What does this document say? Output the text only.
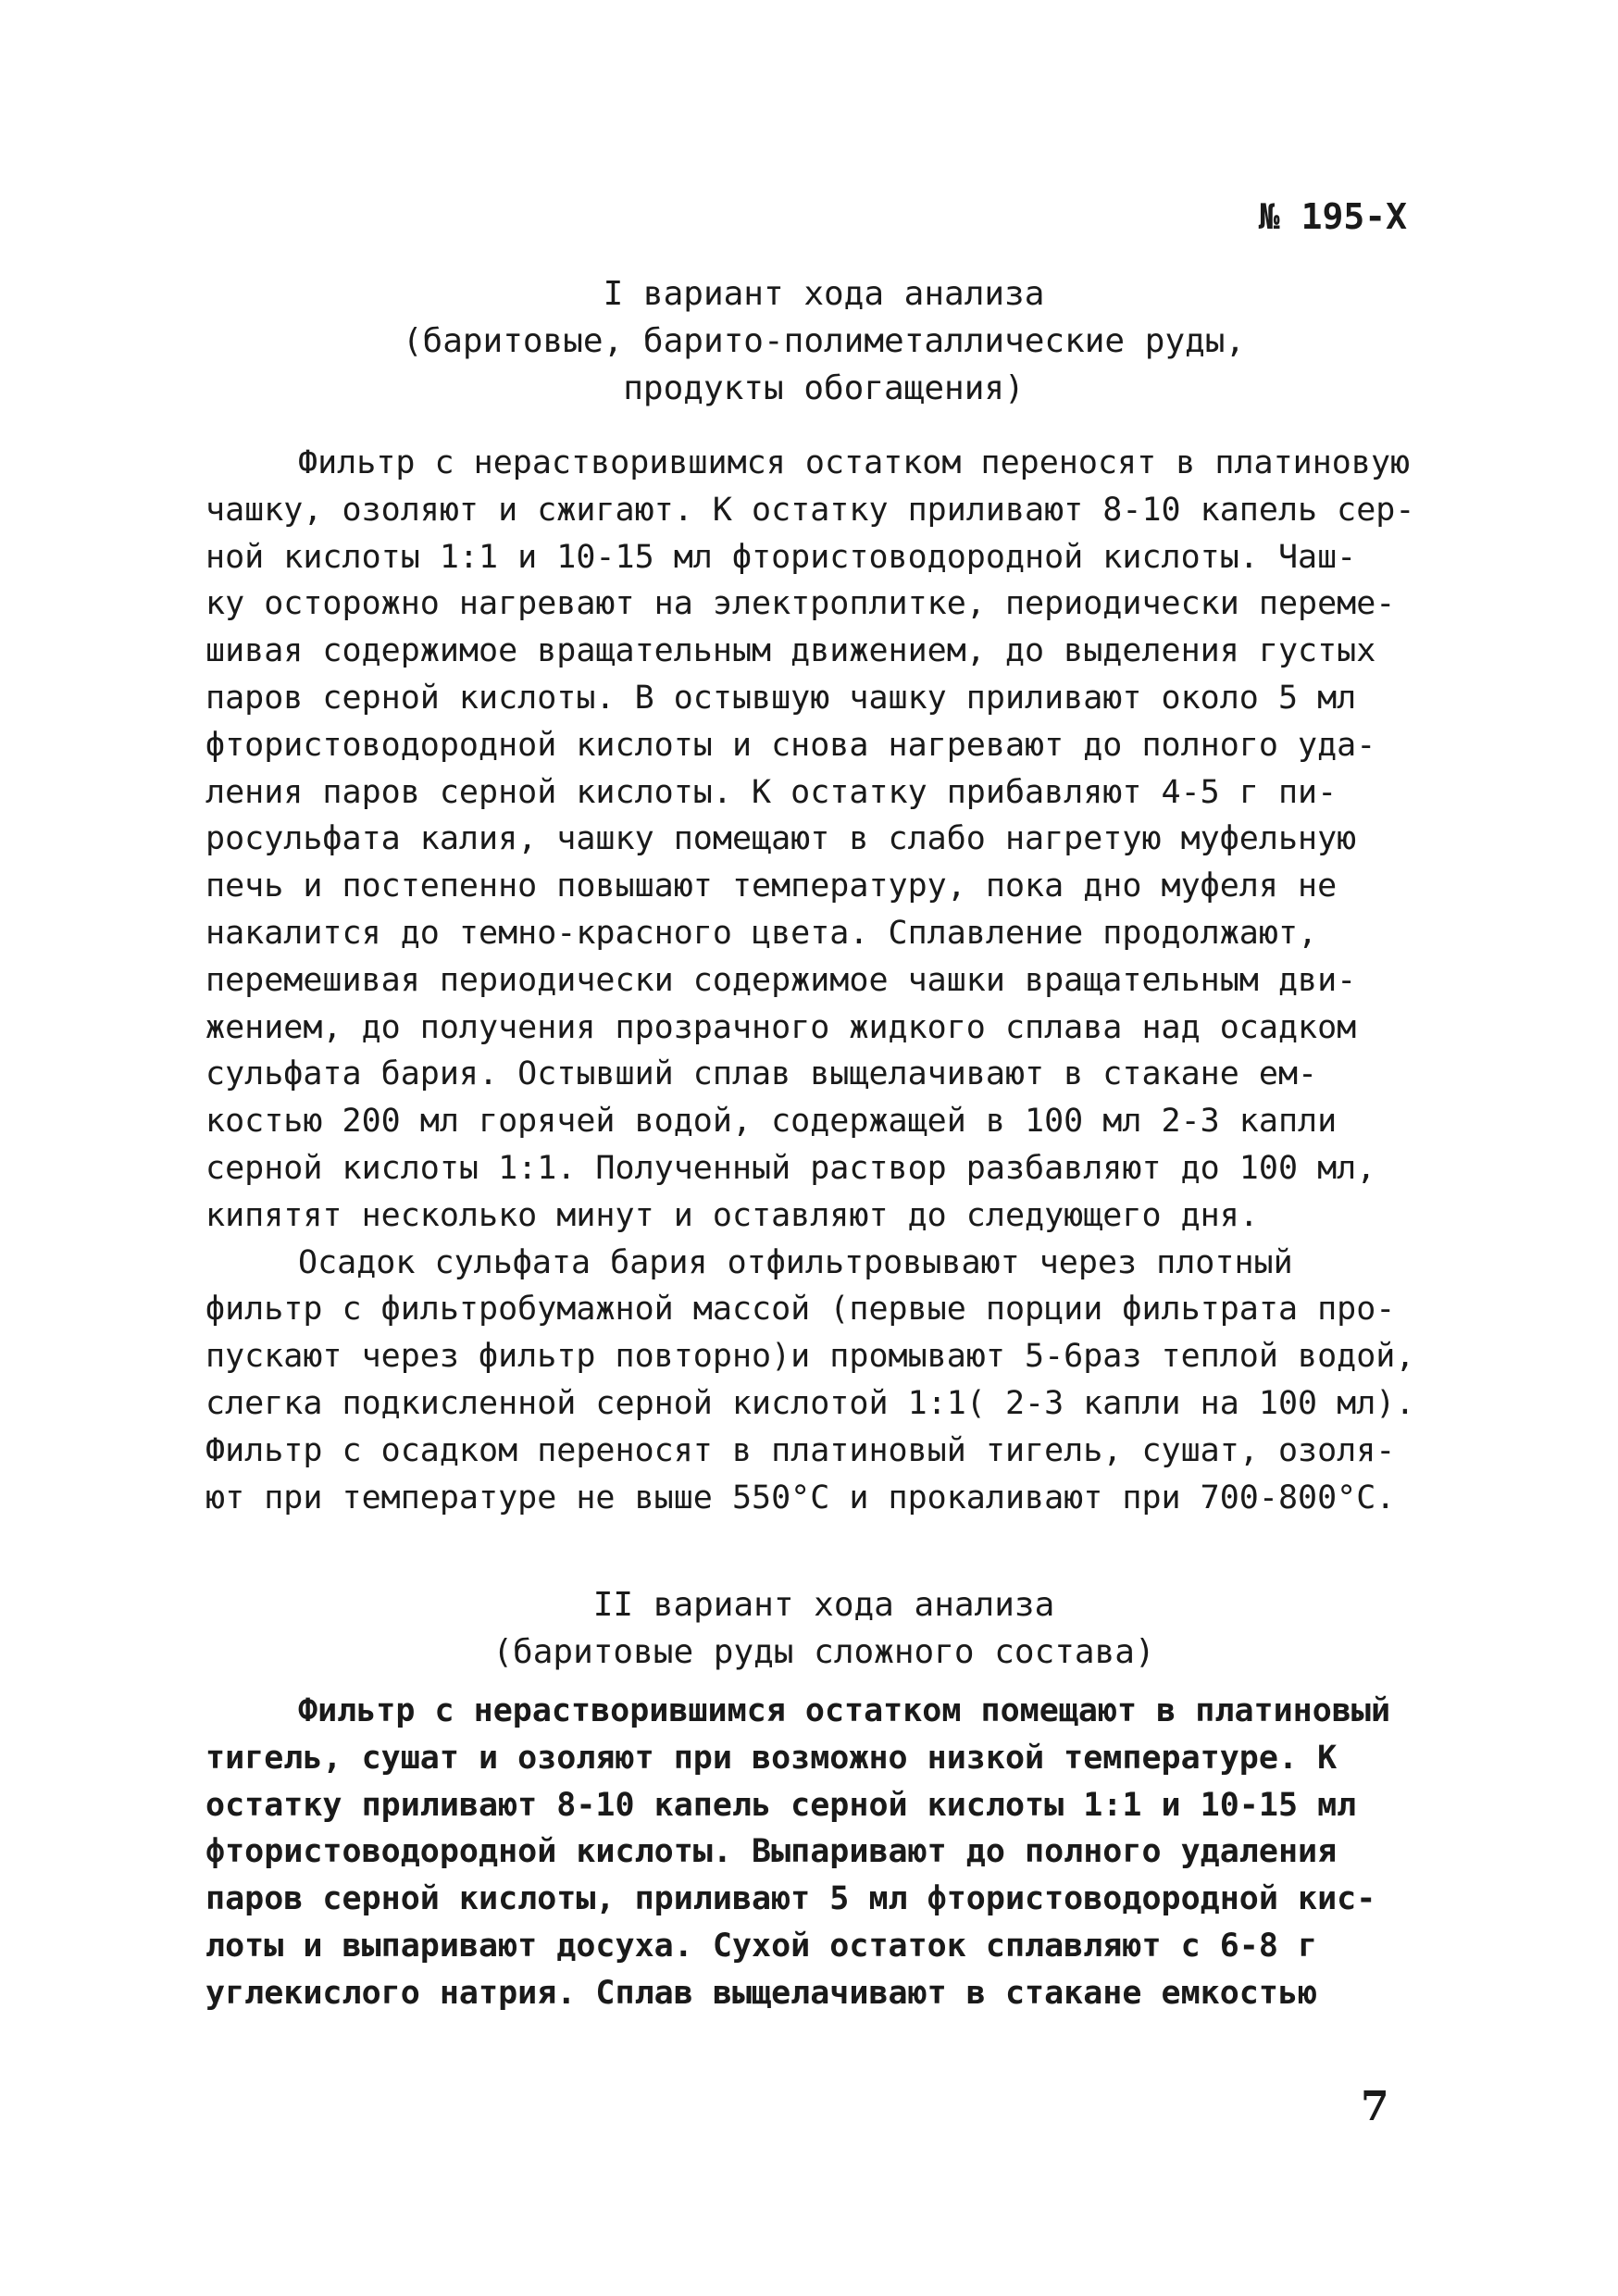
№ 195-Х
I вариант хода анализа
(баритовые, барито-полиметаллические руды,
продукты обогащения)
Фильтр с нерастворившимся остатком переносят в платиновую
чашку, озоляют и сжигают. К остатку приливают 8-10 капель сер-
ной кислоты 1:1 и 10-15 мл фтористоводородной кислоты. Чаш-
ку осторожно нагревают на электроплитке, периодически переме-
шивая содержимое вращательным движением, до выделения густых
паров серной кислоты. В остывшую чашку приливают около 5 мл
фтористоводородной кислоты и снова нагревают до полного уда-
ления паров серной кислоты. К остатку прибавляют 4-5 г пи-
росульфата калия, чашку помещают в слабо нагретую муфельную
печь и постепенно повышают температуру, пока дно муфеля не
накалится до темно-красного цвета. Сплавление продолжают,
перемешивая периодически содержимое чашки вращательным дви-
жением, до получения прозрачного жидкого сплава над осадком
сульфата бария. Остывший сплав выщелачивают в стакане ем-
костью 200 мл горячей водой, содержащей в 100 мл 2-3 капли
серной кислоты 1:1. Полученный раствор разбавляют до 100 мл,
кипятят несколько минут и оставляют до следующего дня.
Осадок сульфата бария отфильтровывают через плотный
фильтр с фильтробумажной массой (первые порции фильтрата про-
пускают через фильтр повторно)и промывают 5-6раз теплой водой,
слегка подкисленной серной кислотой 1:1( 2-3 капли на 100 мл).
Фильтр с осадком переносят в платиновый тигель, сушат, озоля-
ют при температуре не выше 550°С и прокаливают при 700-800°С.
II вариант хода анализа
(баритовые руды сложного состава)
Фильтр с нерастворившимся остатком помещают в платиновый
тигель, сушат и озоляют при возможно низкой температуре. К
остатку приливают 8-10 капель серной кислоты 1:1 и 10-15 мл
фтористоводородной кислоты. Выпаривают до полного удаления
паров серной кислоты, приливают 5 мл фтористоводородной кис-
лоты и выпаривают досуха. Сухой остаток сплавляют с 6-8 г
углекислого натрия. Сплав выщелачивают в стакане емкостью
7
